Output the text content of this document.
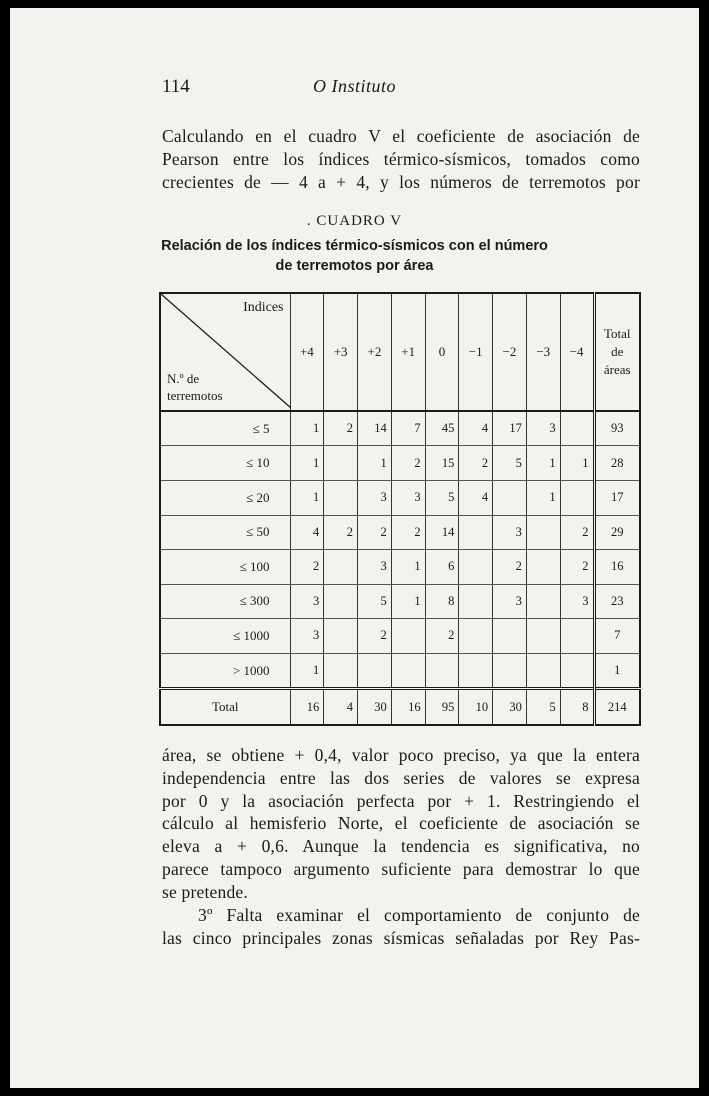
114	O Instituto
Calculando en el cuadro V el coeficiente de asociación de
Pearson entre los índices térmico-sísmicos, tomados como
crecientes de — 4 a + 4, y los números de terremotos por
. CUADRO V
Relación de los índices térmico-sísmicos con el número
de terremotos por área
Indices
N.º de
terremotos	+4	+3	+2	+1	0	−1	−2	−3	−4	Total
de
áreas
≤ 5	1	2	14	7	45	4	17	3		93
≤ 10	1		1	2	15	2	5	1	1	28
≤ 20	1		3	3	5	4		1		17
≤ 50	4	2	2	2	14		3		2	29
≤ 100	2		3	1	6		2		2	16
≤ 300	3		5	1	8		3		3	23
≤ 1000	3		2		2					7
> 1000	1									1
Total	16	4	30	16	95	10	30	5	8	214
área, se obtiene + 0,4, valor poco preciso, ya que la entera
independencia entre las dos series de valores se expresa
por 0 y la asociación perfecta por + 1. Restringiendo el
cálculo al hemisferio Norte, el coeficiente de asociación se
eleva a + 0,6. Aunque la tendencia es significativa, no
parece tampoco argumento suficiente para demostrar lo que
se pretende.
3º Falta examinar el comportamiento de conjunto de
las cinco principales zonas sísmicas señaladas por Rey Pas-
